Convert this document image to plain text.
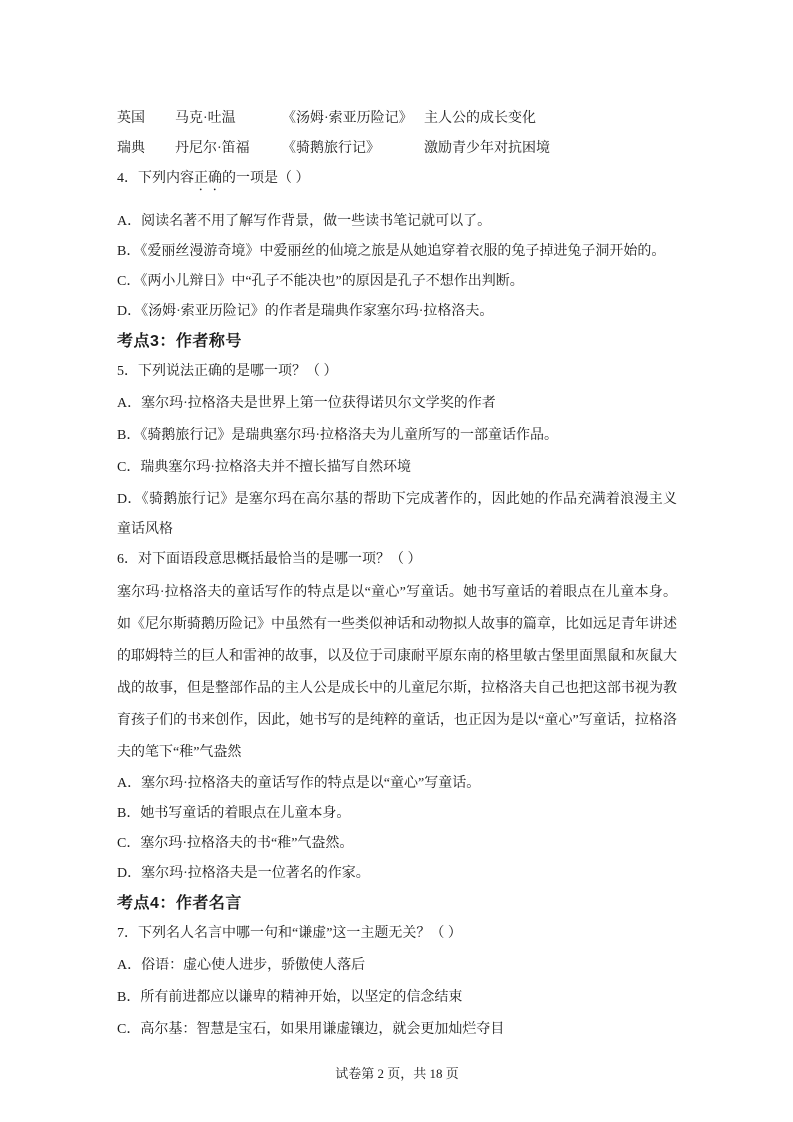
英国	马克·吐温	《汤姆·索亚历险记》 主人公的成长变化
瑞典	丹尼尔·笛福	《骑鹅旅行记》	激励青少年对抗困境
4．下列内容正确的一项是（ ）
A．阅读名著不用了解写作背景，做一些读书笔记就可以了。
B．《爱丽丝漫游奇境》中爱丽丝的仙境之旅是从她追穿着衣服的兔子掉进兔子洞开始的。
C．《两小儿辩日》中“孔子不能决也”的原因是孔子不想作出判断。
D．《汤姆·索亚历险记》的作者是瑞典作家塞尔玛·拉格洛夫。
考点3：作者称号
5．下列说法正确的是哪一项？（ ）
A．塞尔玛·拉格洛夫是世界上第一位获得诺贝尔文学奖的作者
B．《骑鹅旅行记》是瑞典塞尔玛·拉格洛夫为儿童所写的一部童话作品。
C．瑞典塞尔玛·拉格洛夫并不擅长描写自然环境
D．《骑鹅旅行记》是塞尔玛在高尔基的帮助下完成著作的，因此她的作品充满着浪漫主义童话风格
6．对下面语段意思概括最恰当的是哪一项？（ ）
塞尔玛·拉格洛夫的童话写作的特点是以“童心”写童话。她书写童话的着眼点在儿童本身。如《尼尔斯骑鹅历险记》中虽然有一些类似神话和动物拟人故事的篇章，比如远足青年讲述的耶姆特兰的巨人和雷神的故事，以及位于司康耐平原东南的格里敏古堡里面黑鼠和灰鼠大战的故事，但是整部作品的主人公是成长中的儿童尼尔斯，拉格洛夫自己也把这部书视为教育孩子们的书来创作，因此，她书写的是纯粹的童话，也正因为是以“童心”写童话，拉格洛夫的笔下“稚”气盎然
A．塞尔玛·拉格洛夫的童话写作的特点是以“童心”写童话。
B．她书写童话的着眼点在儿童本身。
C．塞尔玛·拉格洛夫的书“稚”气盎然。
D．塞尔玛·拉格洛夫是一位著名的作家。
考点4：作者名言
7．下列名人名言中哪一句和“谦虚”这一主题无关？（ ）
A．俗语：虚心使人进步，骄傲使人落后
B．所有前进都应以谦卑的精神开始，以坚定的信念结束
C．高尔基：智慧是宝石，如果用谦虚镶边，就会更加灿烂夺目
试卷第 2 页，共 18 页
